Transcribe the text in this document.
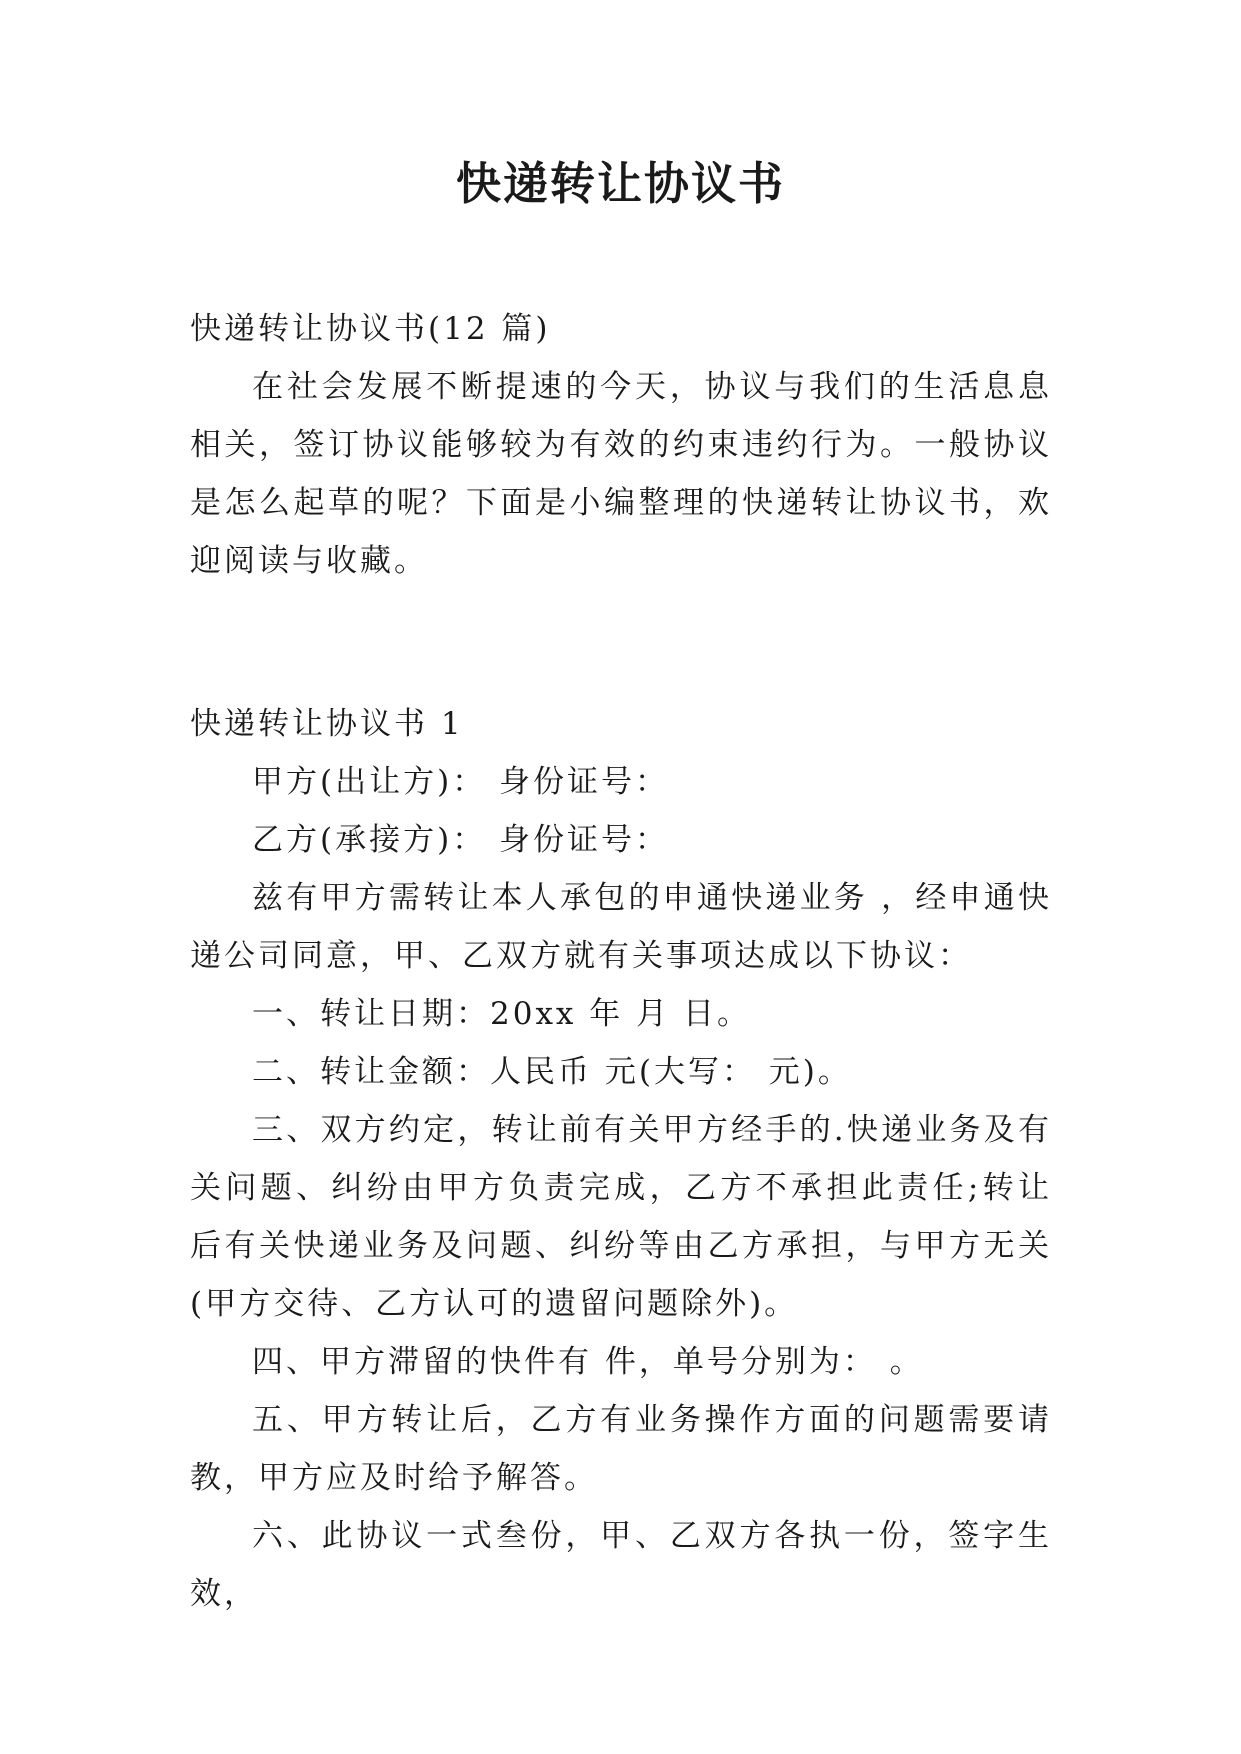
快递转让协议书

快递转让协议书(12 篇)

在社会发展不断提速的今天，协议与我们的生活息息相关，签订协议能够较为有效的约束违约行为。一般协议是怎么起草的呢？下面是小编整理的快递转让协议书，欢迎阅读与收藏。

快递转让协议书 1

甲方(出让方)： 身份证号：

乙方(承接方)： 身份证号：

兹有甲方需转让本人承包的申通快递业务 ，经申通快递公司同意，甲、乙双方就有关事项达成以下协议：

一、转让日期：20xx 年 月 日。

二、转让金额：人民币 元(大写： 元)。

三、双方约定，转让前有关甲方经手的.快递业务及有关问题、纠纷由甲方负责完成，乙方不承担此责任;转让后有关快递业务及问题、纠纷等由乙方承担，与甲方无关(甲方交待、乙方认可的遗留问题除外)。

四、甲方滞留的快件有 件，单号分别为： 。

五、甲方转让后，乙方有业务操作方面的问题需要请教，甲方应及时给予解答。

六、此协议一式叁份，甲、乙双方各执一份，签字生效，
